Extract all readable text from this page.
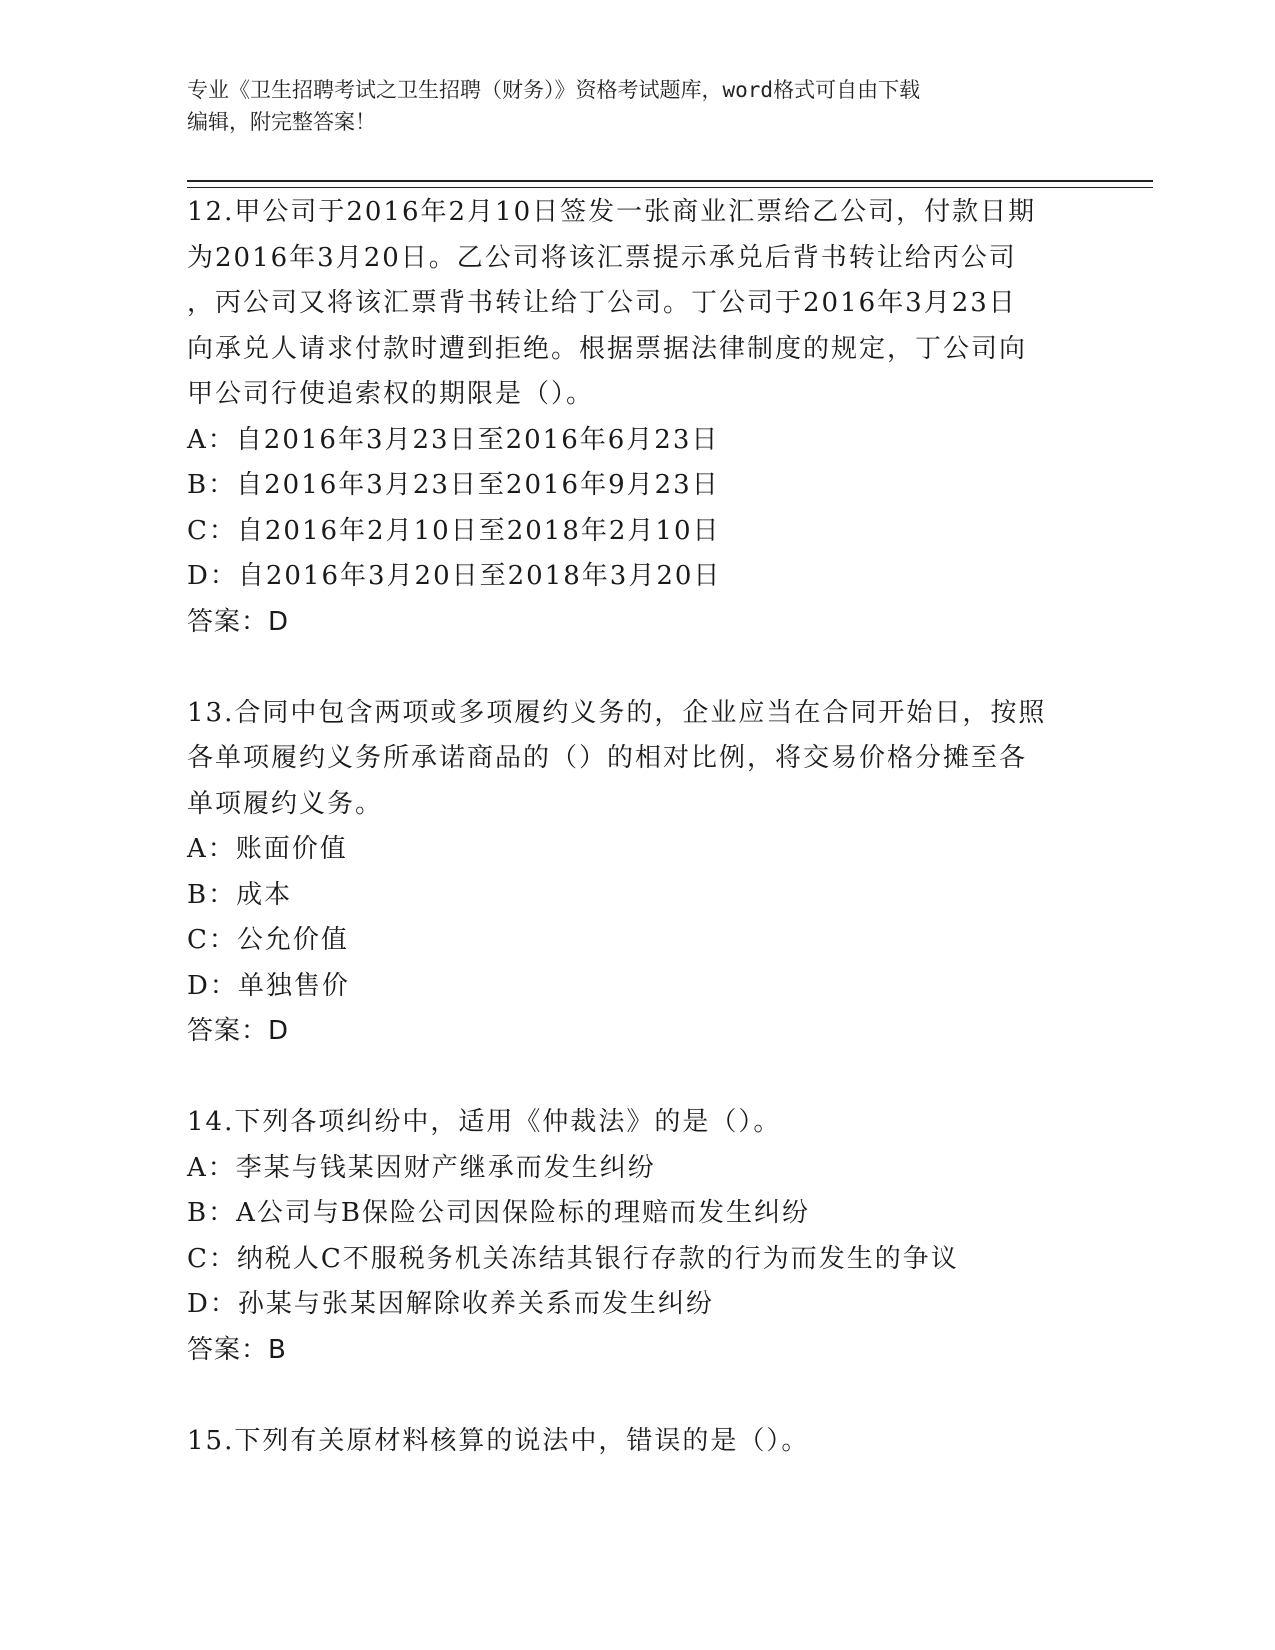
专业《卫生招聘考试之卫生招聘（财务）》资格考试题库，word格式可自由下载
编辑，附完整答案！
12.甲公司于2016年2月10日签发一张商业汇票给乙公司，付款日期
为2016年3月20日。乙公司将该汇票提示承兑后背书转让给丙公司
，丙公司又将该汇票背书转让给丁公司。丁公司于2016年3月23日
向承兑人请求付款时遭到拒绝。根据票据法律制度的规定，丁公司向
甲公司行使追索权的期限是（）。
A：自2016年3月23日至2016年6月23日
B：自2016年3月23日至2016年9月23日
C：自2016年2月10日至2018年2月10日
D：自2016年3月20日至2018年3月20日
答案：D
13.合同中包含两项或多项履约义务的，企业应当在合同开始日，按照
各单项履约义务所承诺商品的（）的相对比例，将交易价格分摊至各
单项履约义务。
A：账面价值
B：成本
C：公允价值
D：单独售价
答案：D
14.下列各项纠纷中，适用《仲裁法》的是（）。
A：李某与钱某因财产继承而发生纠纷
B：A公司与B保险公司因保险标的理赔而发生纠纷
C：纳税人C不服税务机关冻结其银行存款的行为而发生的争议
D：孙某与张某因解除收养关系而发生纠纷
答案：B
15.下列有关原材料核算的说法中，错误的是（）。
